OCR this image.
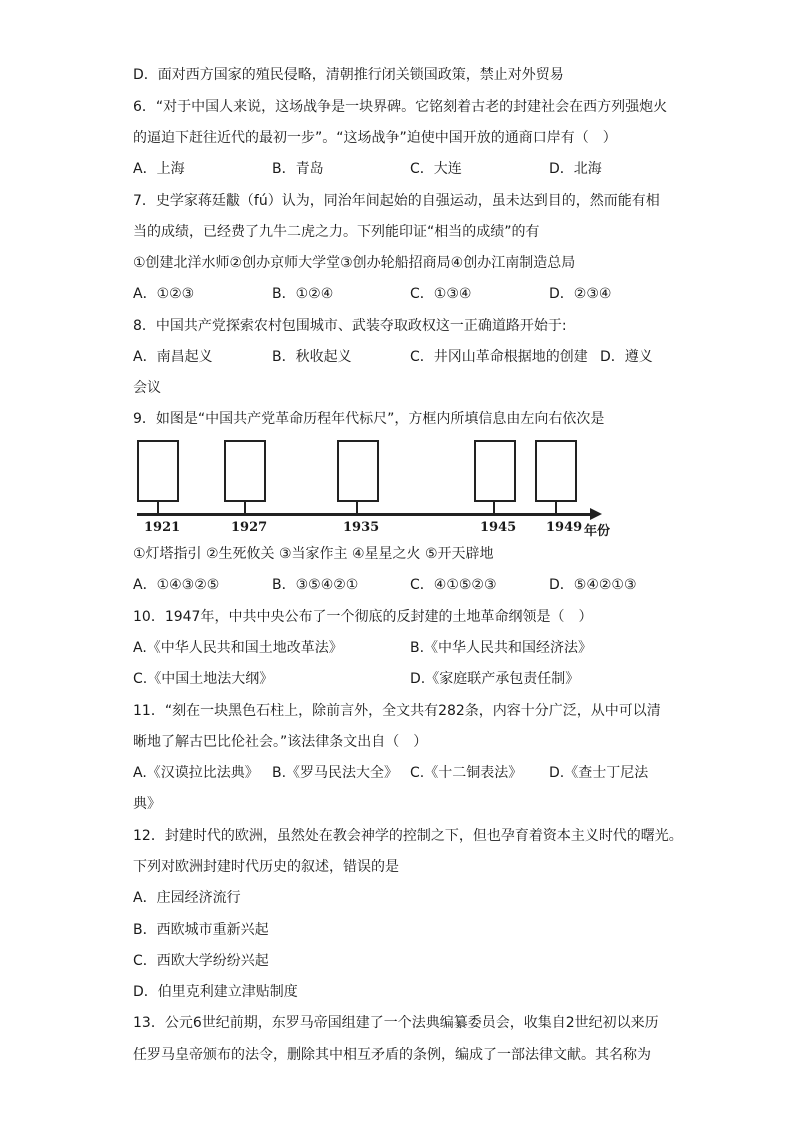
D．面对西方国家的殖民侵略，清朝推行闭关锁国政策，禁止对外贸易
6．“对于中国人来说，这场战争是一块界碑。它铭刻着古老的封建社会在西方列强炮火
的逼迫下赶往近代的最初一步”。“这场战争”迫使中国开放的通商口岸有（　）
A．上海	B．青岛	C．大连	D．北海
7．史学家蒋廷黻（fú）认为，同治年间起始的自强运动，虽未达到目的，然而能有相
当的成绩，已经费了九牛二虎之力。下列能印证“相当的成绩”的有
①创建北洋水师②创办京师大学堂③创办轮船招商局④创办江南制造总局
A．①②③	B．①②④	C．①③④	D．②③④
8．中国共产党探索农村包围城市、武装夺取政权这一正确道路开始于:
A．南昌起义	B．秋收起义	C．井冈山革命根据地的创建 D．遵义
会议
9．如图是“中国共产党革命历程年代标尺”，方框内所填信息由左向右依次是
1921	1927	1935	1945 1949 年份
①灯塔指引 ②生死攸关 ③当家作主 ④星星之火 ⑤开天辟地
A．①④③②⑤	B．③⑤④②①	C．④①⑤②③	D．⑤④②①③
10．1947年，中共中央公布了一个彻底的反封建的土地革命纲领是（　）
A.《中华人民共和国土地改革法》	B.《中华人民共和国经济法》
C.《中国土地法大纲》	D.《家庭联产承包责任制》
11．“刻在一块黑色石柱上，除前言外，全文共有282条，内容十分广泛，从中可以清
晰地了解古巴比伦社会。”该法律条文出自（　）
A.《汉谟拉比法典》 B.《罗马民法大全》 C.《十二铜表法》 D.《查士丁尼法
典》
12．封建时代的欧洲，虽然处在教会神学的控制之下，但也孕育着资本主义时代的曙光。
下列对欧洲封建时代历史的叙述，错误的是
A．庄园经济流行
B．西欧城市重新兴起
C．西欧大学纷纷兴起
D．伯里克利建立津贴制度
13．公元6世纪前期，东罗马帝国组建了一个法典编纂委员会，收集自2世纪初以来历
任罗马皇帝颁布的法令，删除其中相互矛盾的条例，编成了一部法律文献。其名称为
